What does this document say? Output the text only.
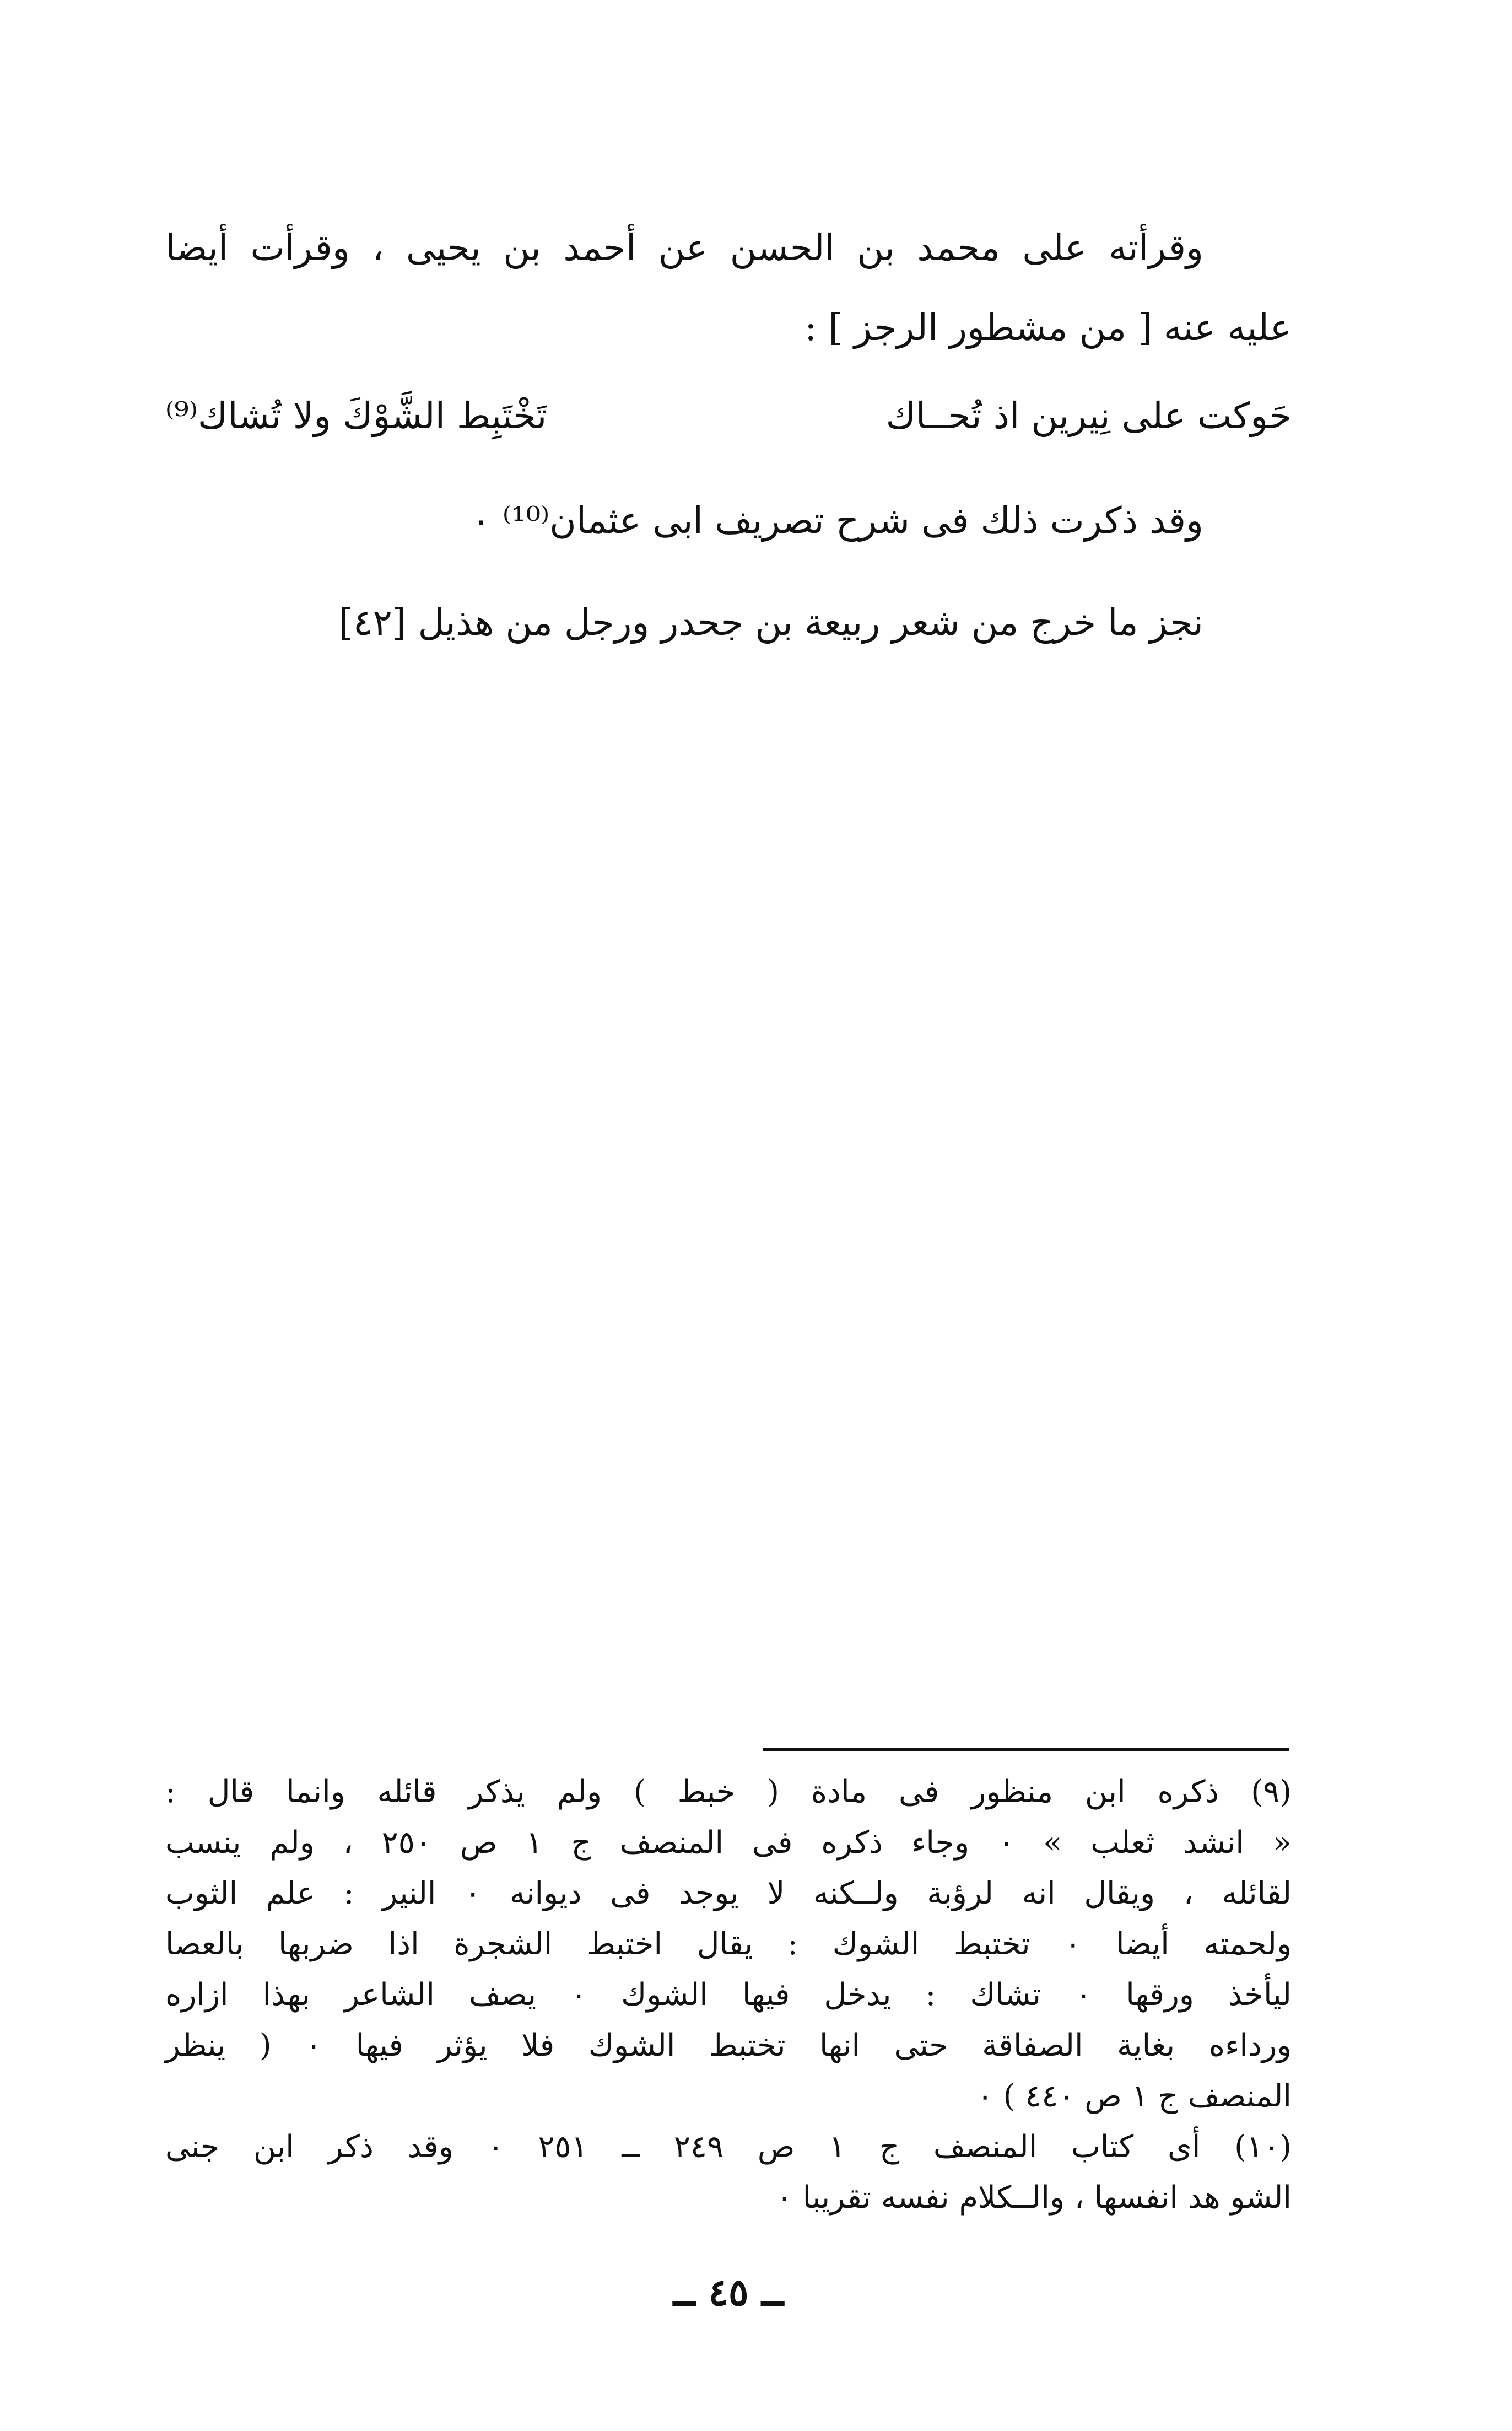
وقرأته على محمد بن الحسن عن أحمد بن يحيى ، وقرأت أيضا
عليه عنه [ من مشطور الرجز ] :
حَوكت على نِيرين اذ تُحــاك
تَخْتَبِط الشَّوْكَ ولا تُشاك⁽⁹⁾
وقد ذكرت ذلك فى شرح تصريف ابى عثمان⁽¹⁰⁾ ٠
نجز ما خرج من شعر ربيعة بن جحدر ورجل من هذيل [٤٢]
(٩) ذكره ابن منظور فى مادة ( خبط ) ولم يذكر قائله وانما قال :
« انشد ثعلب » ٠ وجاء ذكره فى المنصف ج ١ ص ٢٥٠ ، ولم ينسب
لقائله ، ويقال انه لرؤبة ولــكنه لا يوجد فى ديوانه ٠ النير : علم الثوب
ولحمته أيضا ٠ تختبط الشوك : يقال اختبط الشجرة اذا ضربها بالعصا
ليأخذ ورقها ٠ تشاك : يدخل فيها الشوك ٠ يصف الشاعر بهذا ازاره
ورداءه بغاية الصفاقة حتى انها تختبط الشوك فلا يؤثر فيها ٠ ( ينظر
المنصف ج ١ ص ٤٤٠ ) ٠
(١٠) أى كتاب المنصف ج ١ ص ٢٤٩ ــ ٢٥١ ٠ وقد ذكر ابن جنى
الشو هد انفسها ، والــكلام نفسه تقريبا ٠
ــ ٤٥ ــ
